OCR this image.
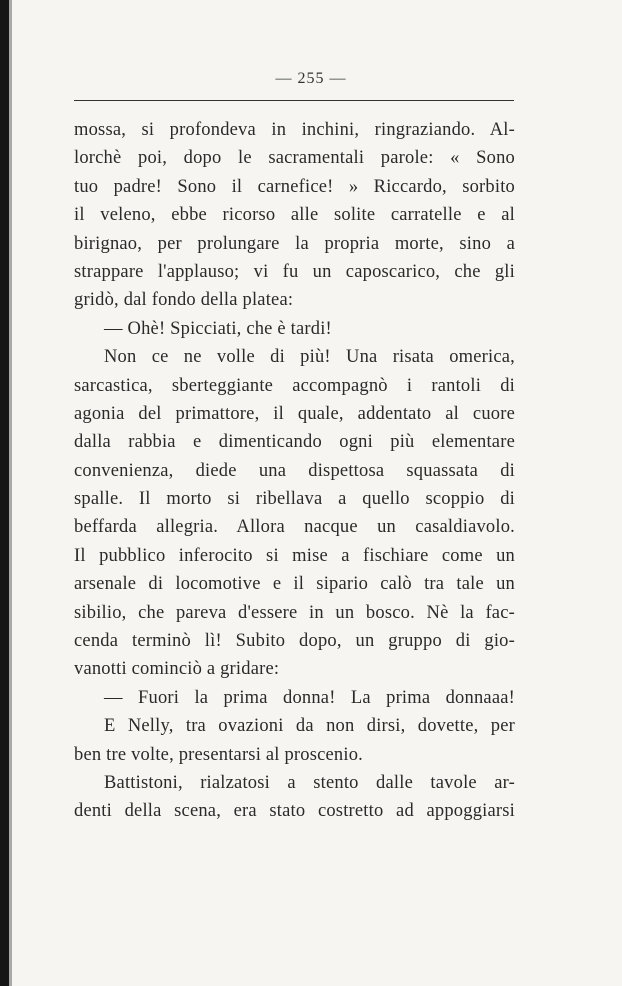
— 255 —
mossa, si profondeva in inchini, ringraziando. Al-
lorchè poi, dopo le sacramentali parole: « Sono
tuo padre! Sono il carnefice! » Riccardo, sorbito
il veleno, ebbe ricorso alle solite carratelle e al
birignao, per prolungare la propria morte, sino a
strappare l'applauso; vi fu un caposcarico, che gli
gridò, dal fondo della platea:
— Ohè! Spicciati, che è tardi!
Non ce ne volle di più! Una risata omerica,
sarcastica, sberteggiante accompagnò i rantoli di
agonia del primattore, il quale, addentato al cuore
dalla rabbia e dimenticando ogni più elementare
convenienza, diede una dispettosa squassata di
spalle. Il morto si ribellava a quello scoppio di
beffarda allegria. Allora nacque un casaldiavolo.
Il pubblico inferocito si mise a fischiare come un
arsenale di locomotive e il sipario calò tra tale un
sibilio, che pareva d'essere in un bosco. Nè la fac-
cenda terminò lì! Subito dopo, un gruppo di gio-
vanotti cominciò a gridare:
— Fuori la prima donna! La prima donnaaa!
E Nelly, tra ovazioni da non dirsi, dovette, per
ben tre volte, presentarsi al proscenio.
Battistoni, rialzatosi a stento dalle tavole ar-
denti della scena, era stato costretto ad appoggiarsi
